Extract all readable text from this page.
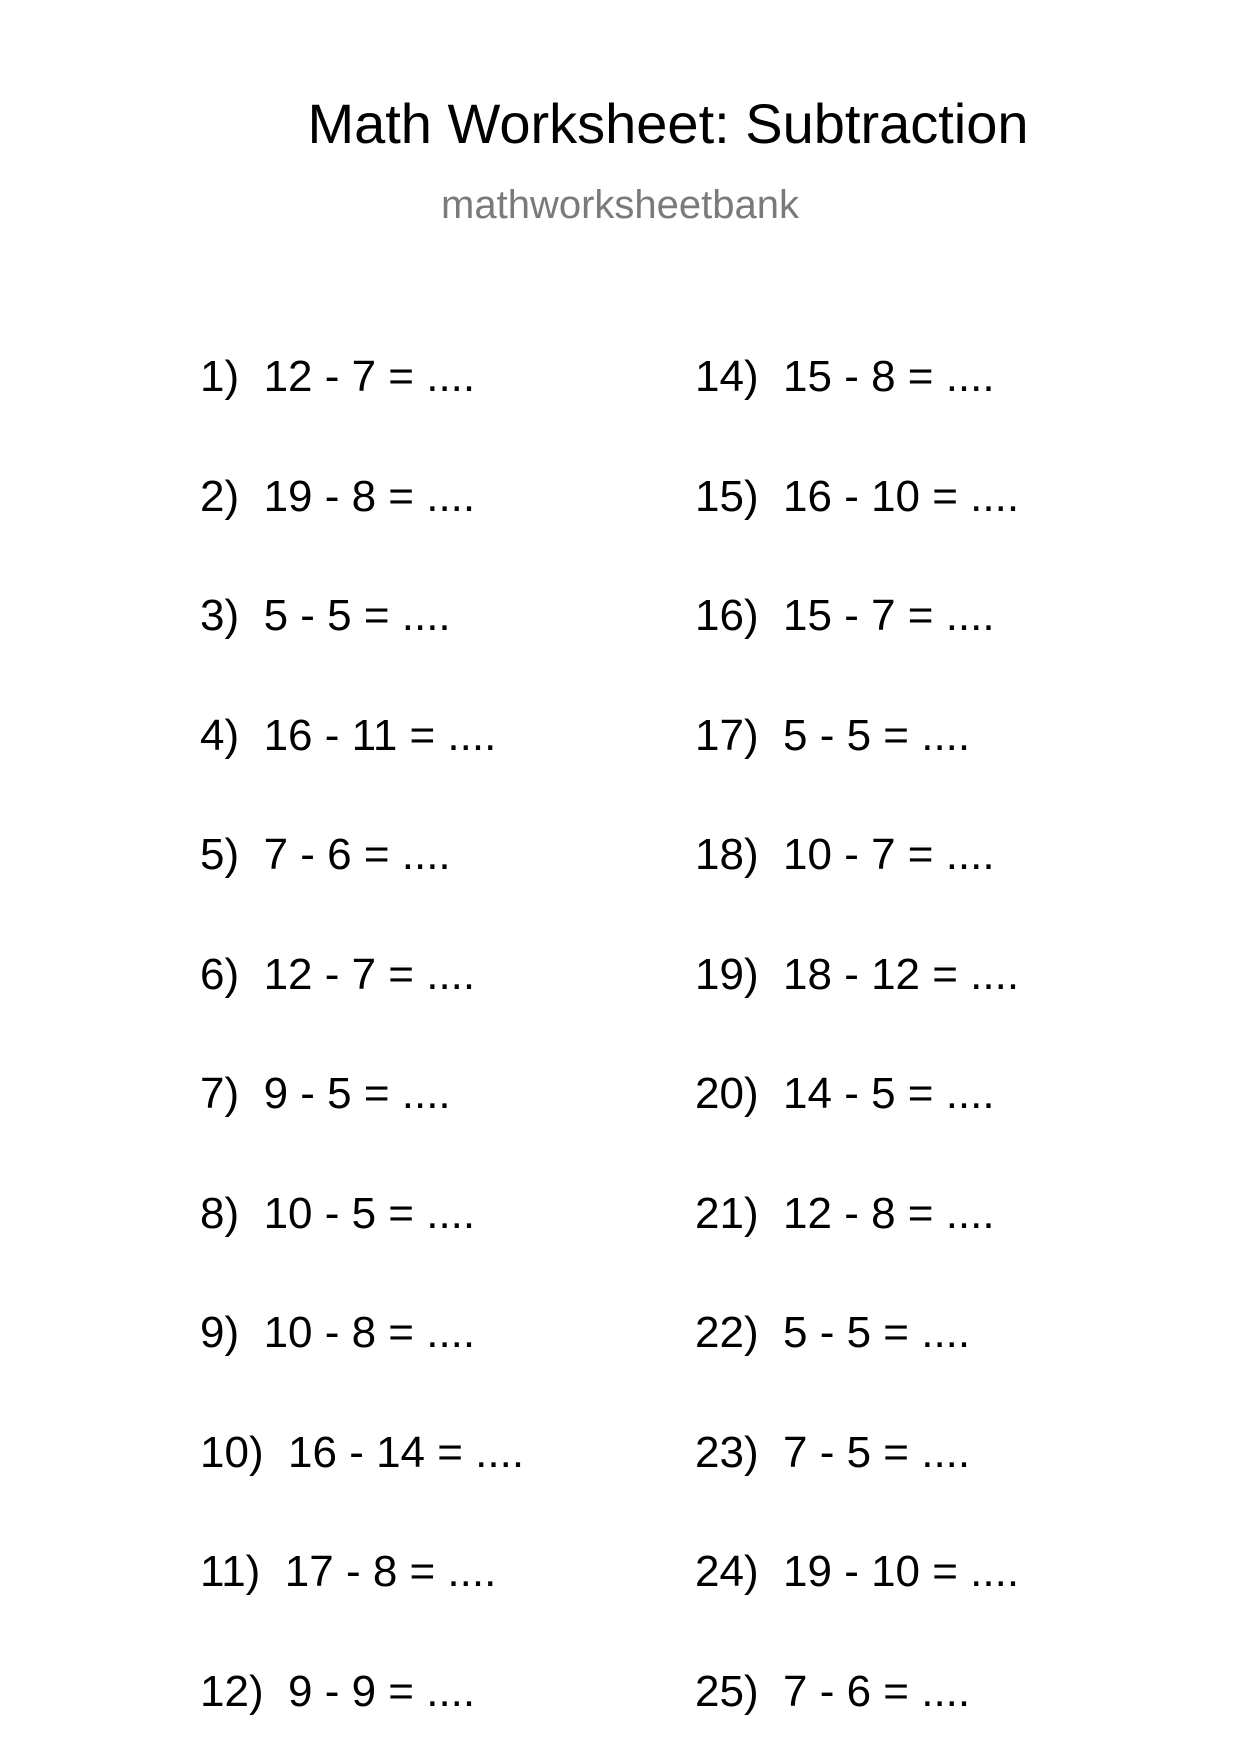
Math Worksheet: Subtraction
mathworksheetbank
1)  12 - 7 = ....
2)  19 - 8 = ....
3)  5 - 5 = ....
4)  16 - 11 = ....
5)  7 - 6 = ....
6)  12 - 7 = ....
7)  9 - 5 = ....
8)  10 - 5 = ....
9)  10 - 8 = ....
10)  16 - 14 = ....
11)  17 - 8 = ....
12)  9 - 9 = ....
14)  15 - 8 = ....
15)  16 - 10 = ....
16)  15 - 7 = ....
17)  5 - 5 = ....
18)  10 - 7 = ....
19)  18 - 12 = ....
20)  14 - 5 = ....
21)  12 - 8 = ....
22)  5 - 5 = ....
23)  7 - 5 = ....
24)  19 - 10 = ....
25)  7 - 6 = ....
